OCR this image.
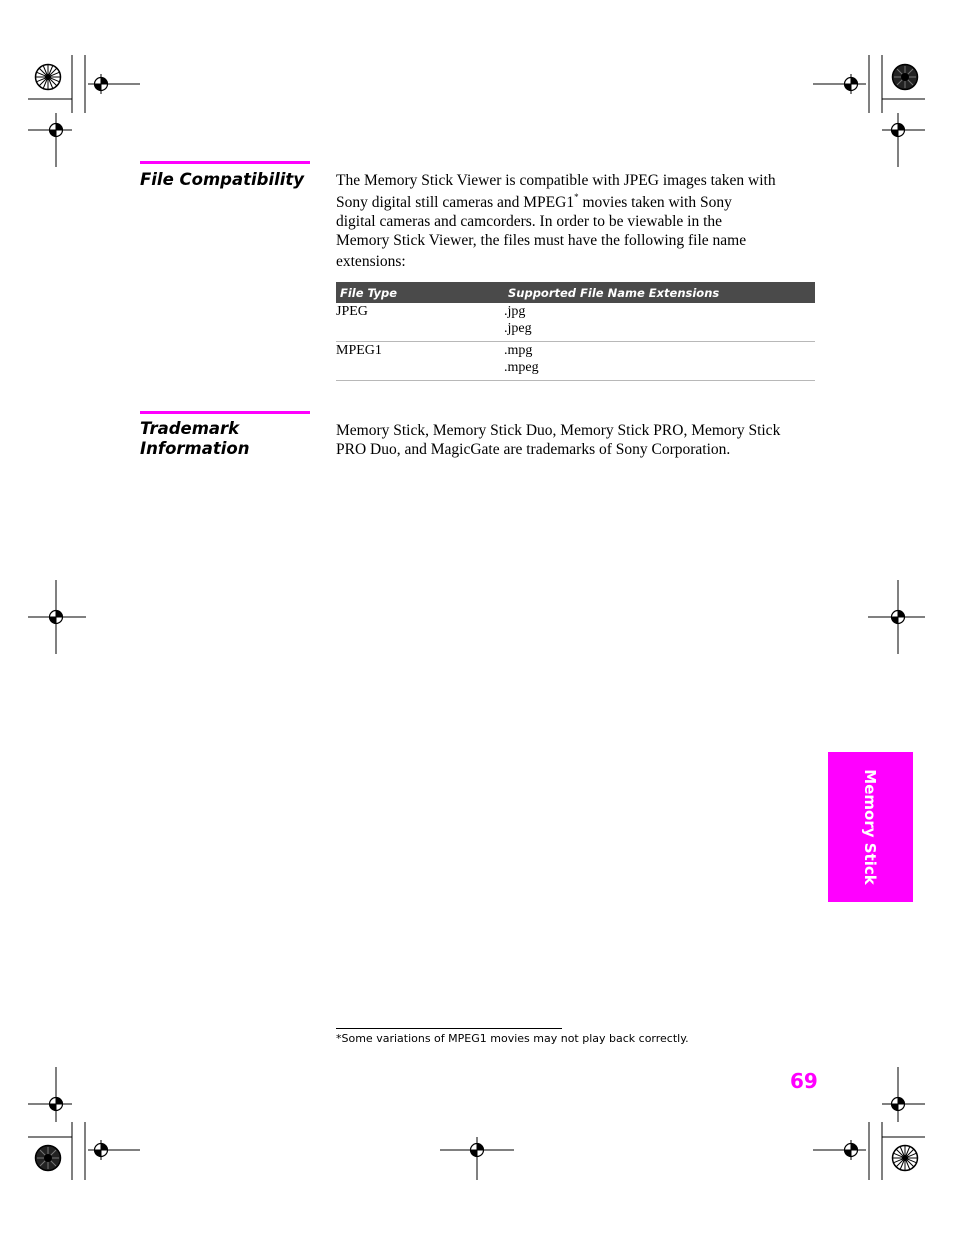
File Compatibility The Memory Stick Viewer is compatible with JPEG images taken with
Sony digital still cameras and MPEG1* movies taken with Sony
digital cameras and camcorders. In order to be viewable in the
Memory Stick Viewer, the files must have the following file name
extensions:
File Type	Supported File Name Extensions
JPEG	.jpg
.jpeg
MPEG1	.mpg
.mpeg
Trademark
Information
Memory Stick, Memory Stick Duo, Memory Stick PRO, Memory Stick
PRO Duo, and MagicGate are trademarks of Sony Corporation.
Memory Stick
*Some variations of MPEG1 movies may not play back correctly.
69
